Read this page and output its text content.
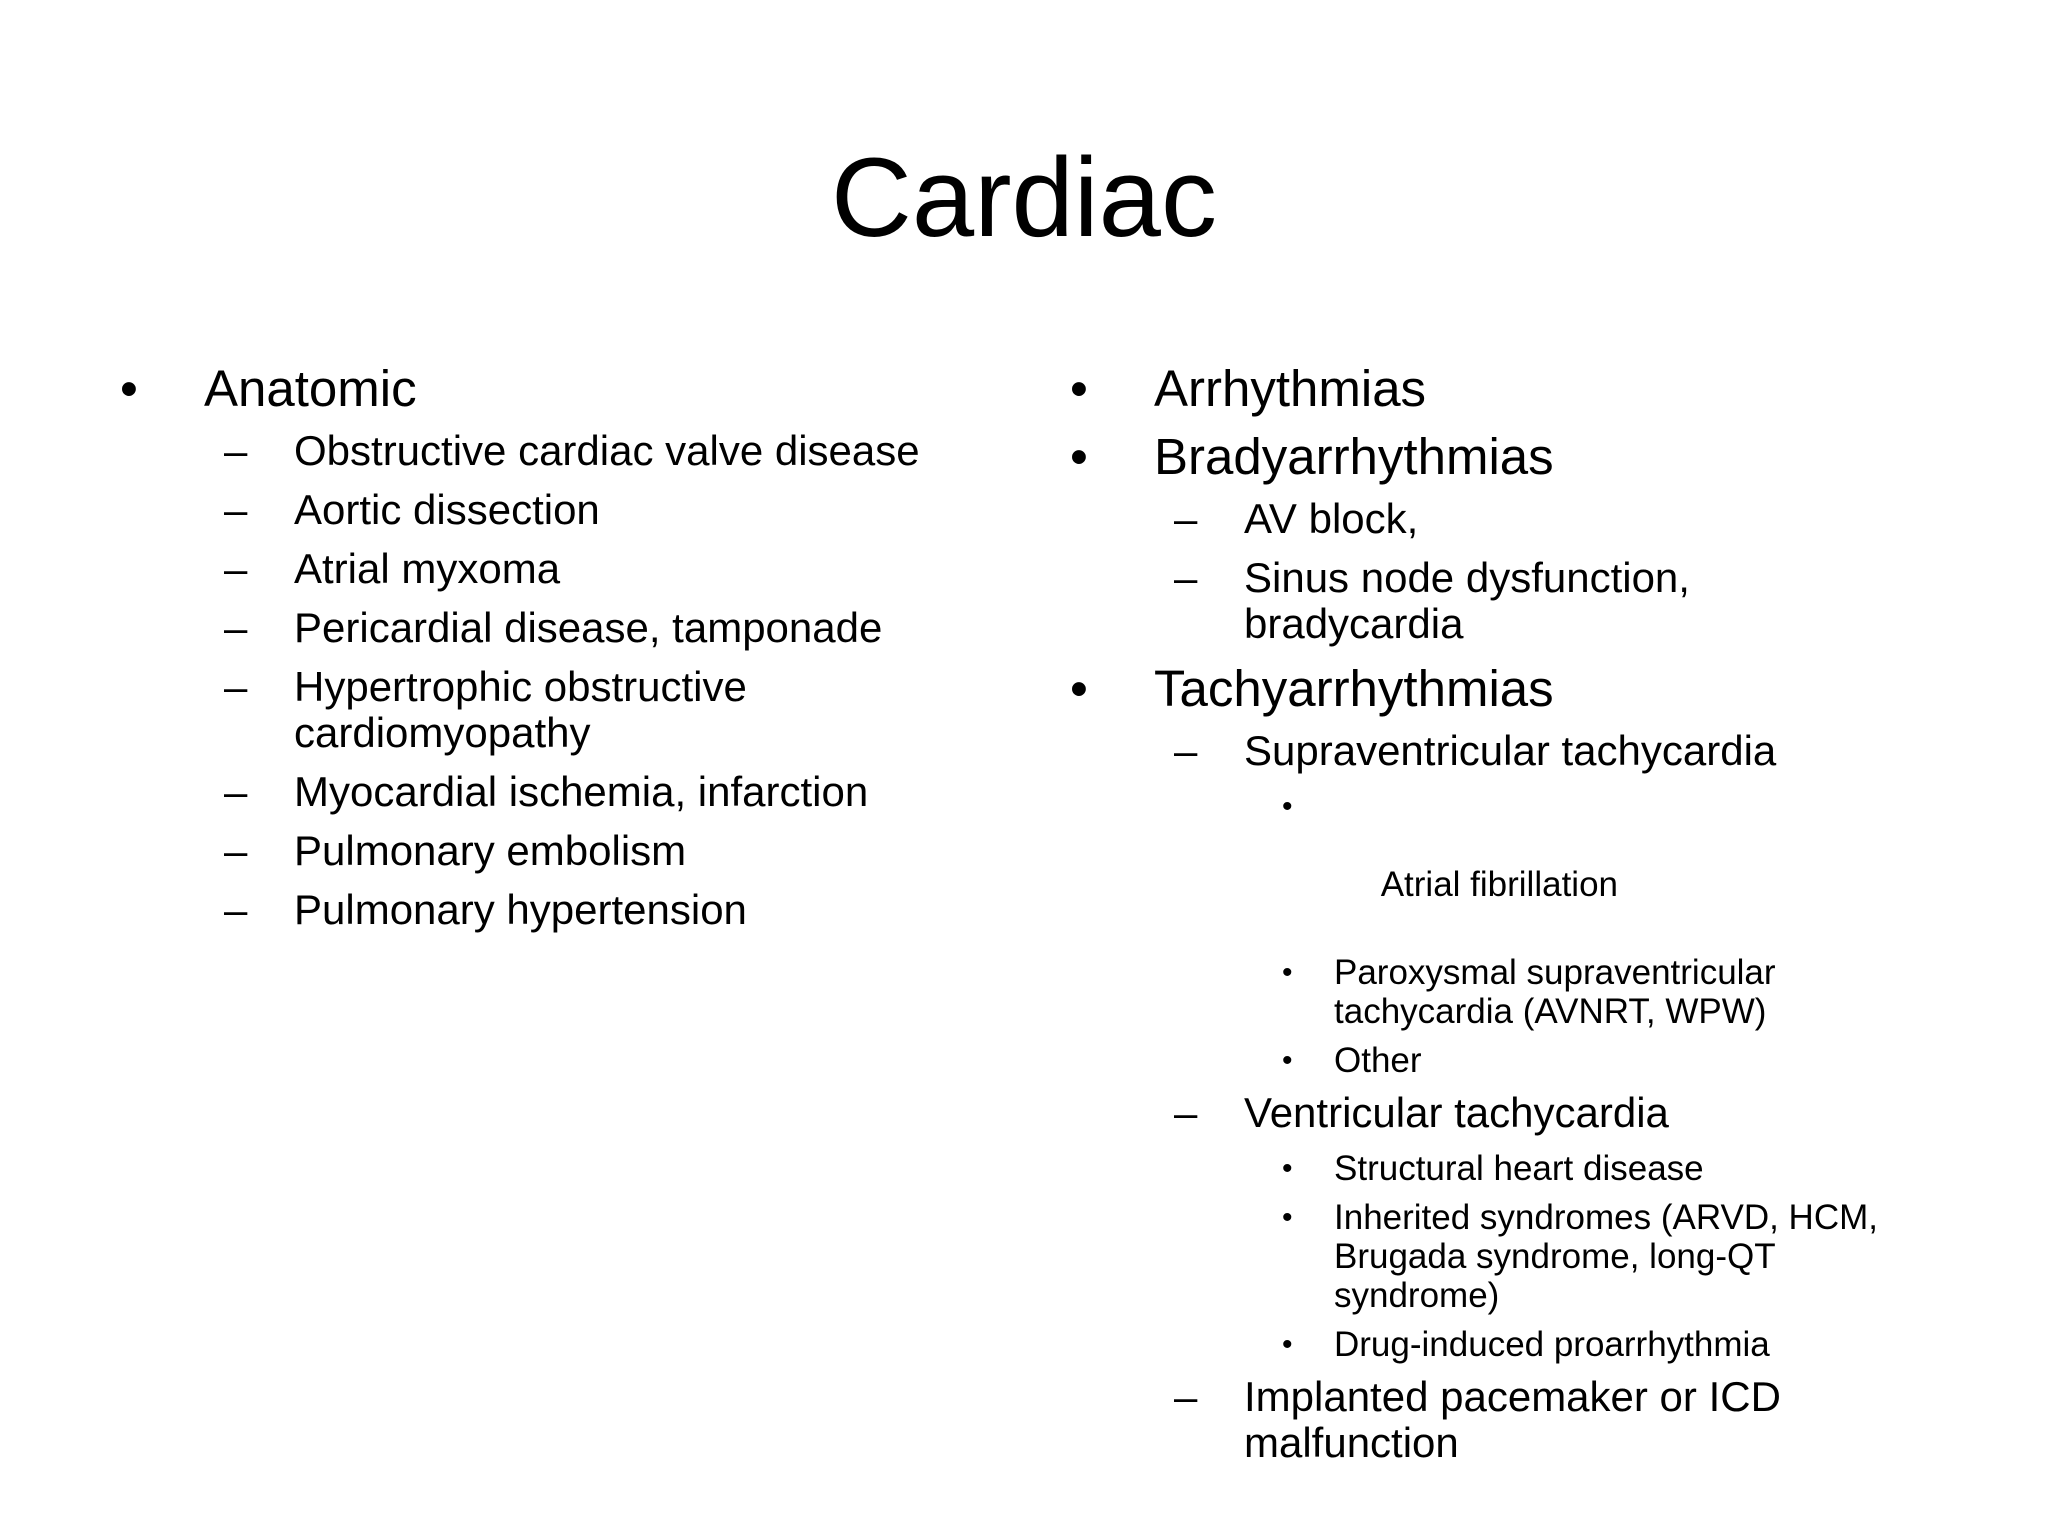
Cardiac
•	Anatomic
–	Obstructive cardiac valve disease
–	Aortic dissection
–	Atrial myxoma
–	Pericardial disease, tamponade
–	Hypertrophic obstructive cardiomyopathy
–	Myocardial ischemia, infarction
–	Pulmonary embolism
–	Pulmonary hypertension
•	Arrhythmias
•	Bradyarrhythmias
–	AV block,
–	Sinus node dysfunction, bradycardia
•	Tachyarrhythmias
–	Supraventricular tachycardia

•

Atrial fibrillation

•	Paroxysmal supraventricular tachycardia (AVNRT, WPW)
•	Other
–	Ventricular tachycardia
•	Structural heart disease
•	Inherited syndromes (ARVD, HCM, Brugada syndrome, long-QT syndrome)
•	Drug-induced proarrhythmia
–	Implanted pacemaker or ICD malfunction
